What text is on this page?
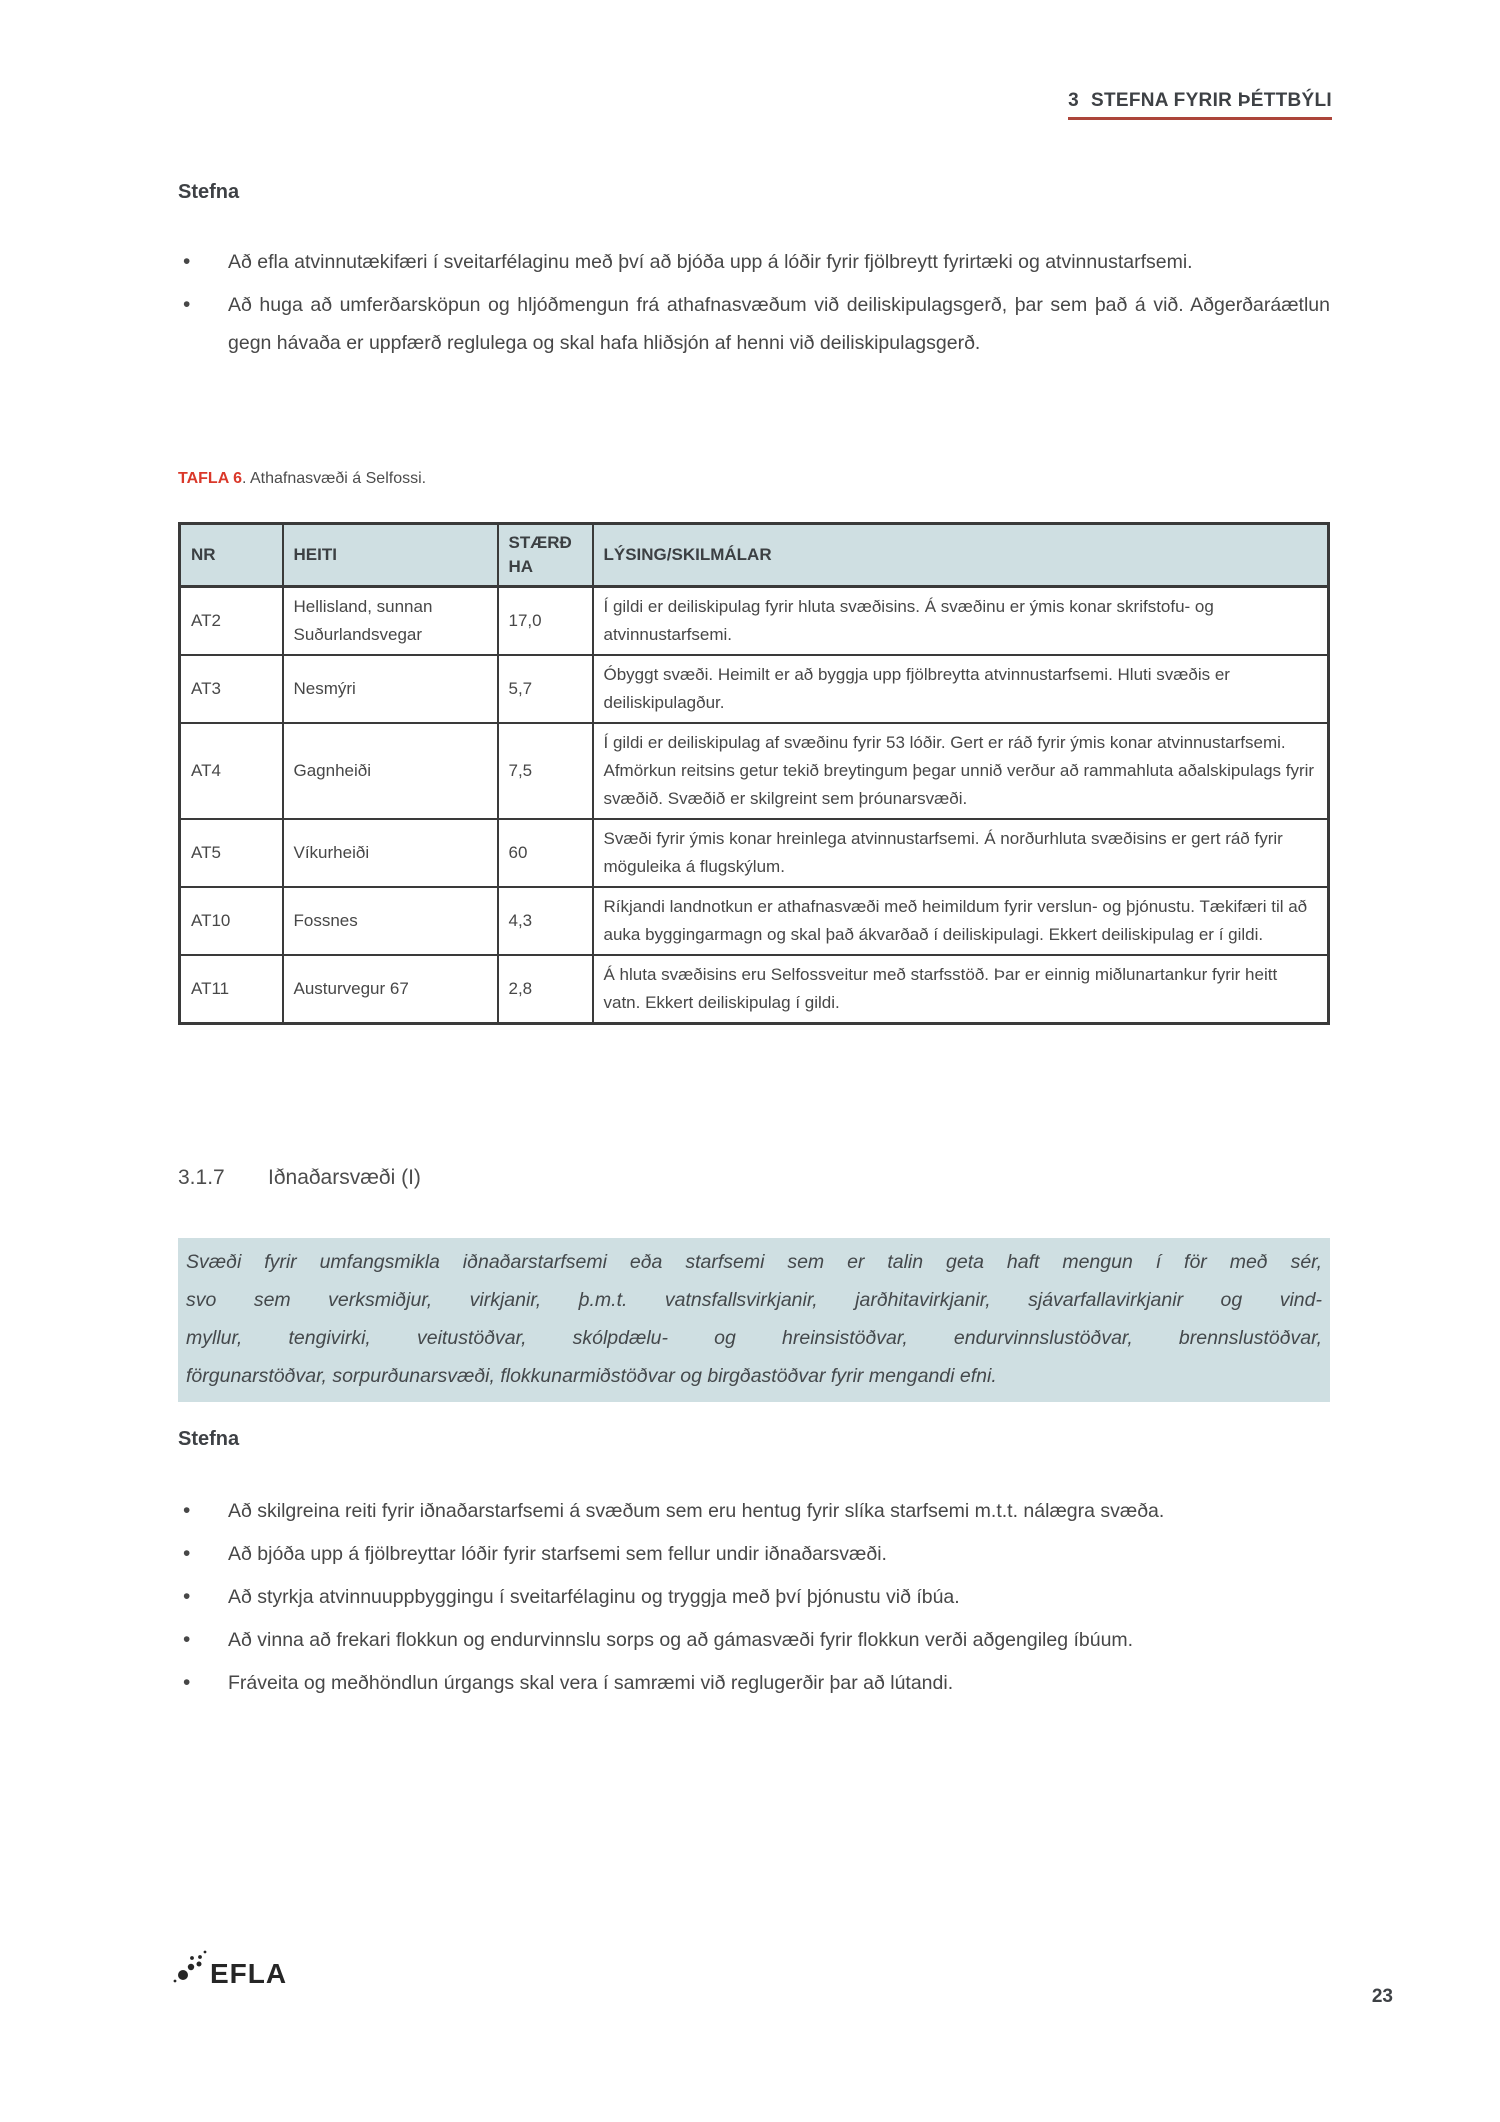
3 STEFNA FYRIR ÞÉTTBÝLI
Stefna
• Að efla atvinnutækifæri í sveitarfélaginu með því að bjóða upp á lóðir fyrir fjölbreytt fyrirtæki og atvinnustarfsemi.
• Að huga að umferðarsköpun og hljóðmengun frá athafnasvæðum við deiliskipulagsgerð, þar sem það á við. Aðgerðaráætlun gegn hávaða er uppfærð reglulega og skal hafa hliðsjón af henni við deiliskipulagsgerð.
TAFLA 6. Athafnasvæði á Selfossi.
NR	HEITI	STÆRÐ HA	LÝSING/SKILMÁLAR
AT2	Hellisland, sunnan Suðurlandsvegar	17,0	Í gildi er deiliskipulag fyrir hluta svæðisins. Á svæðinu er ýmis konar skrifstofu- og atvinnustarfsemi.
AT3	Nesmýri	5,7	Óbyggt svæði. Heimilt er að byggja upp fjölbreytta atvinnustarfsemi. Hluti svæðis er deiliskipulagður.
AT4	Gagnheiði	7,5	Í gildi er deiliskipulag af svæðinu fyrir 53 lóðir. Gert er ráð fyrir ýmis konar atvinnustarfsemi. Afmörkun reitsins getur tekið breytingum þegar unnið verður að rammahluta aðalskipulags fyrir svæðið. Svæðið er skilgreint sem þróunarsvæði.
AT5	Víkurheiði	60	Svæði fyrir ýmis konar hreinlega atvinnustarfsemi. Á norðurhluta svæðisins er gert ráð fyrir möguleika á flugskýlum.
AT10	Fossnes	4,3	Ríkjandi landnotkun er athafnasvæði með heimildum fyrir verslun- og þjónustu. Tækifæri til að auka byggingarmagn og skal það ákvarðað í deiliskipulagi. Ekkert deiliskipulag er í gildi.
AT11	Austurvegur 67	2,8	Á hluta svæðisins eru Selfossveitur með starfsstöð. Þar er einnig miðlunartankur fyrir heitt vatn. Ekkert deiliskipulag í gildi.
3.1.7 Iðnaðarsvæði (I)
Svæði fyrir umfangsmikla iðnaðarstarfsemi eða starfsemi sem er talin geta haft mengun í för með sér,
svo sem verksmiðjur, virkjanir, þ.m.t. vatnsfallsvirkjanir, jarðhitavirkjanir, sjávarfallavirkjanir og vind-
myllur, tengivirki, veitustöðvar, skólpdælu- og hreinsistöðvar, endurvinnslustöðvar, brennslustöðvar,
förgunarstöðvar, sorpurðunarsvæði, flokkunarmiðstöðvar og birgðastöðvar fyrir mengandi efni.
Stefna
• Að skilgreina reiti fyrir iðnaðarstarfsemi á svæðum sem eru hentug fyrir slíka starfsemi m.t.t. nálægra svæða.
• Að bjóða upp á fjölbreyttar lóðir fyrir starfsemi sem fellur undir iðnaðarsvæði.
• Að styrkja atvinnuuppbyggingu í sveitarfélaginu og tryggja með því þjónustu við íbúa.
• Að vinna að frekari flokkun og endurvinnslu sorps og að gámasvæði fyrir flokkun verði aðgengileg íbúum.
• Fráveita og meðhöndlun úrgangs skal vera í samræmi við reglugerðir þar að lútandi.
EFLA
23
